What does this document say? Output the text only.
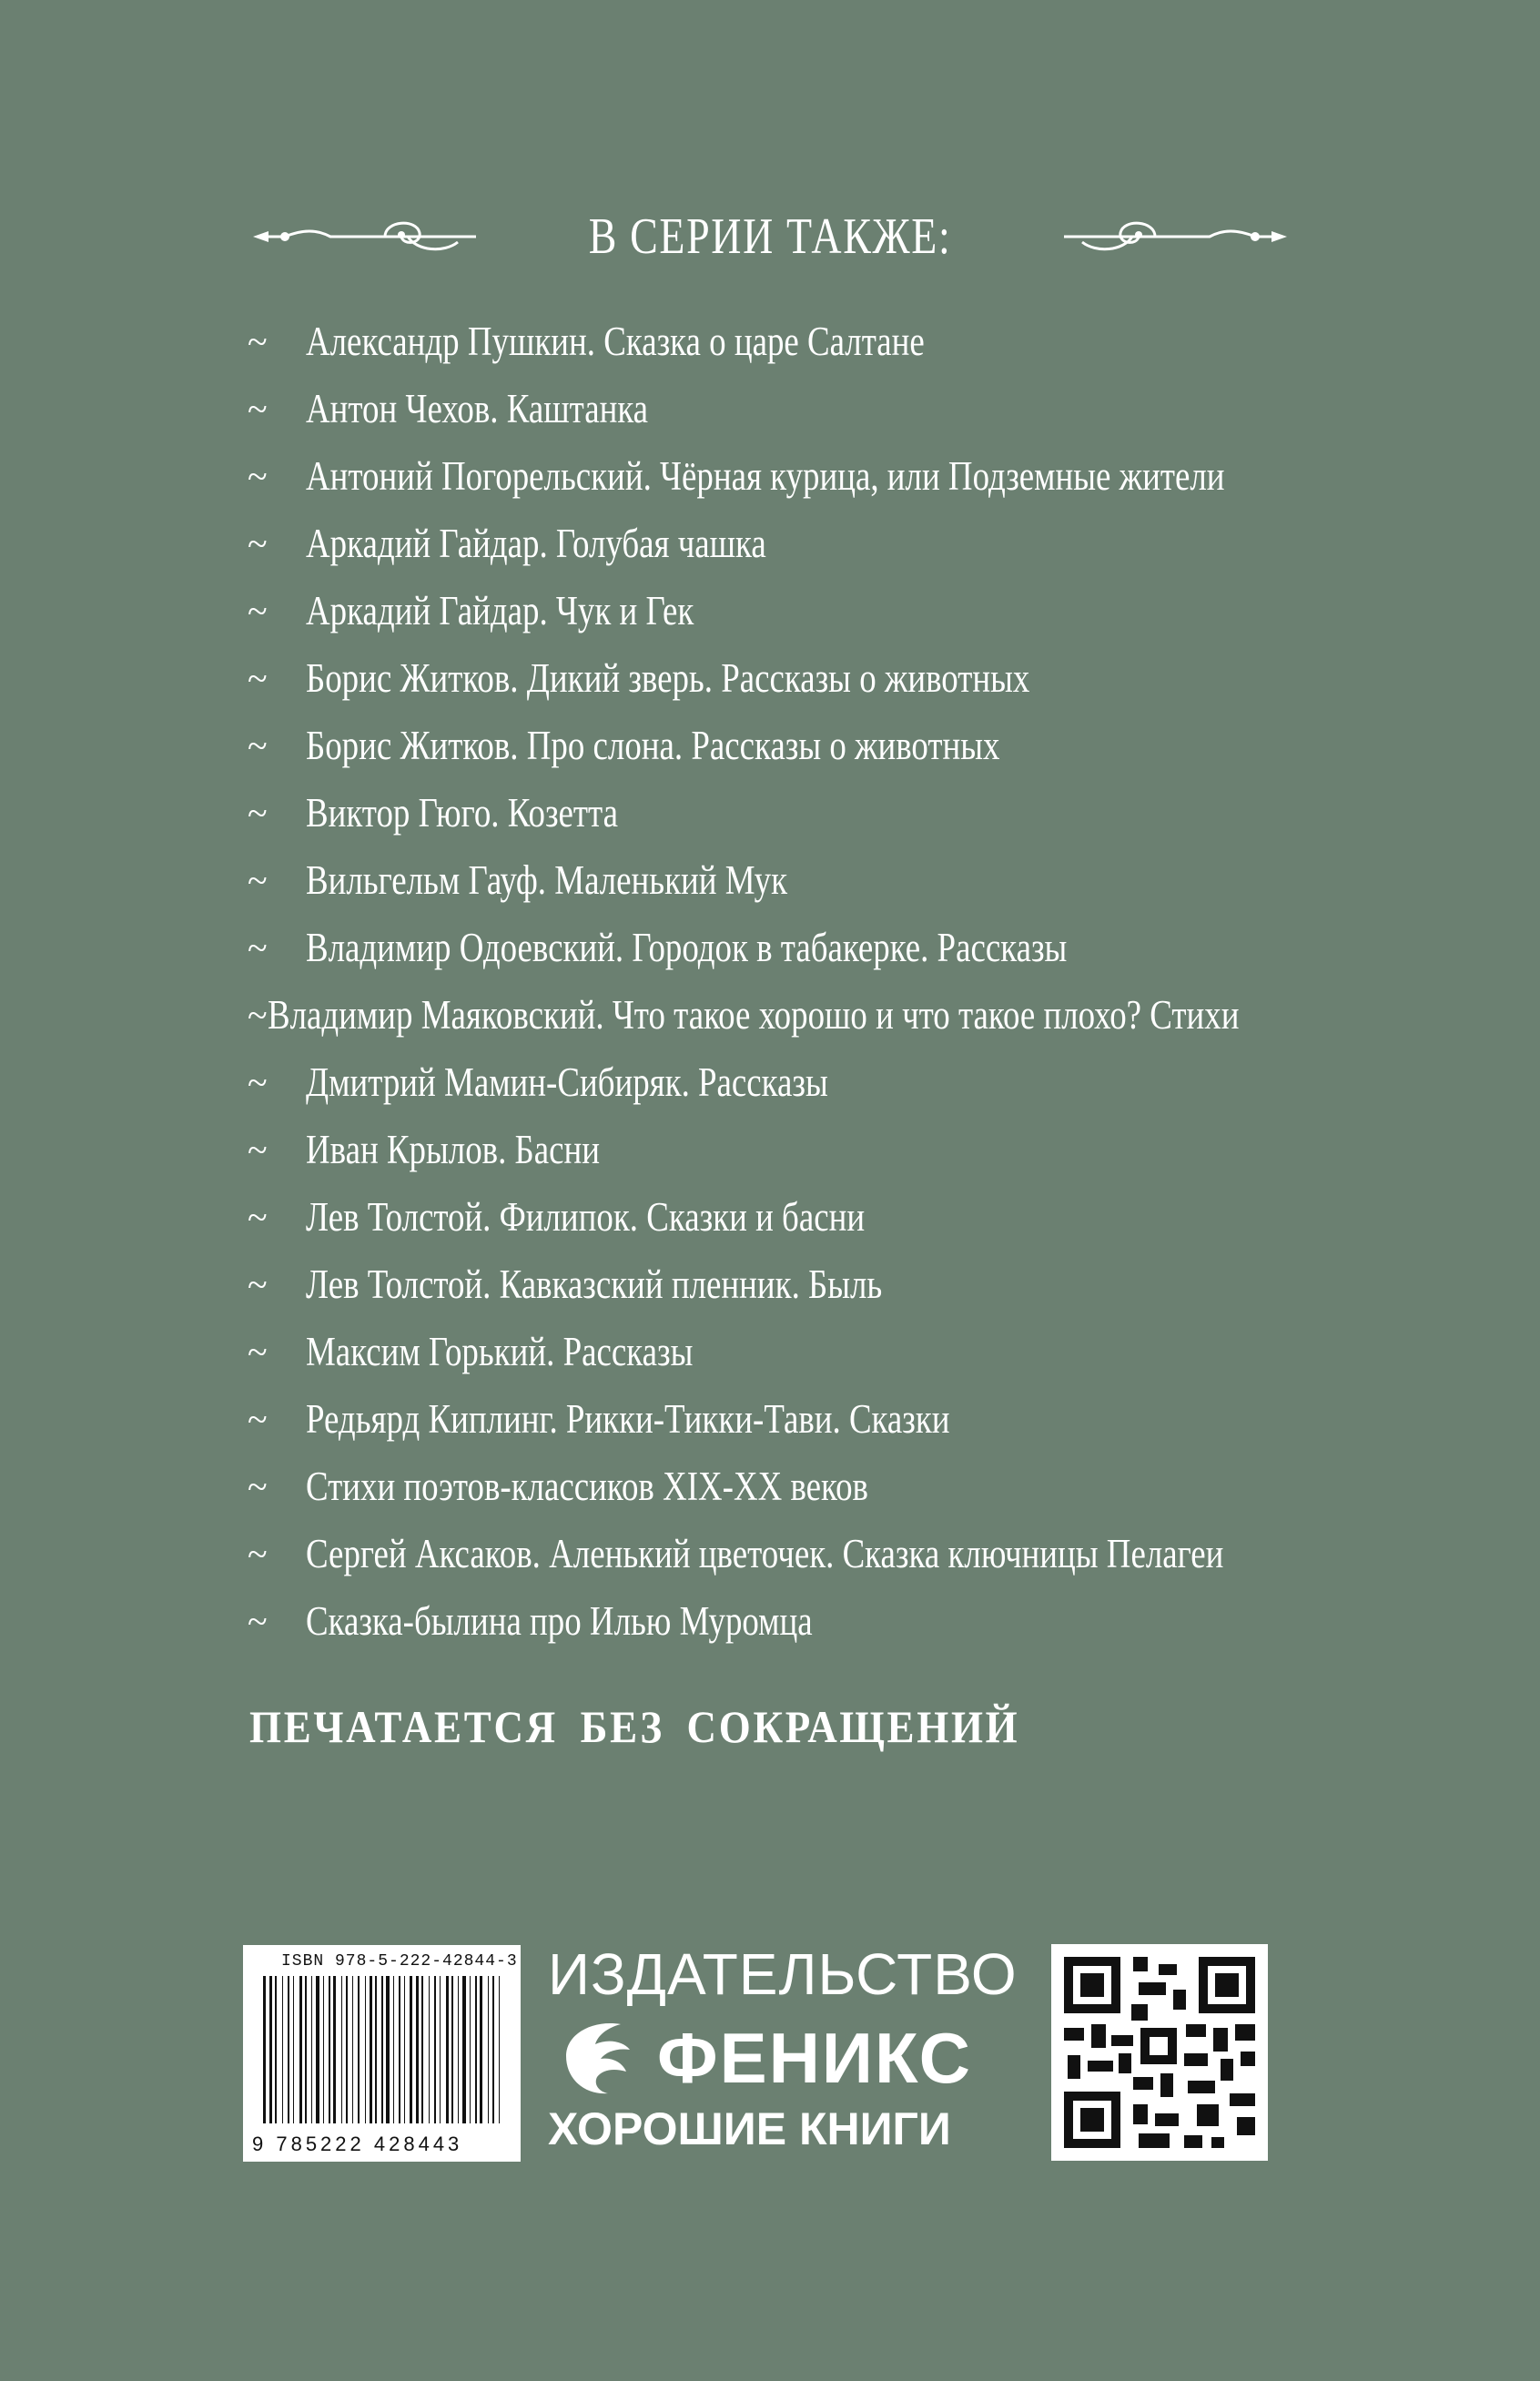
В СЕРИИ ТАКЖЕ:
~ Александр Пушкин. Сказка о царе Салтане
~ Антон Чехов. Каштанка
~ Антоний Погорельский. Чёрная курица, или Подземные жители
~ Аркадий Гайдар. Голубая чашка
~ Аркадий Гайдар. Чук и Гек
~ Борис Житков. Дикий зверь. Рассказы о животных
~ Борис Житков. Про слона. Рассказы о животных
~ Виктор Гюго. Козетта
~ Вильгельм Гауф. Маленький Мук
~ Владимир Одоевский. Городок в табакерке. Рассказы
~ Владимир Маяковский. Что такое хорошо и что такое плохо? Стихи
~ Дмитрий Мамин-Сибиряк. Рассказы
~ Иван Крылов. Басни
~ Лев Толстой. Филипок. Сказки и басни
~ Лев Толстой. Кавказский пленник. Быль
~ Максим Горький. Рассказы
~ Редьярд Киплинг. Рикки-Тикки-Тави. Сказки
~ Стихи поэтов-классиков XIX-XX веков
~ Сергей Аксаков. Аленький цветочек. Сказка ключницы Пелагеи
~ Сказка-былина про Илью Муромца
ПЕЧАТАЕТСЯ БЕЗ СОКРАЩЕНИЙ
ISBN 978-5-222-42844-3
9 785222 428443
ИЗДАТЕЛЬСТВО
ФЕНИКС
ХОРОШИЕ КНИГИ
